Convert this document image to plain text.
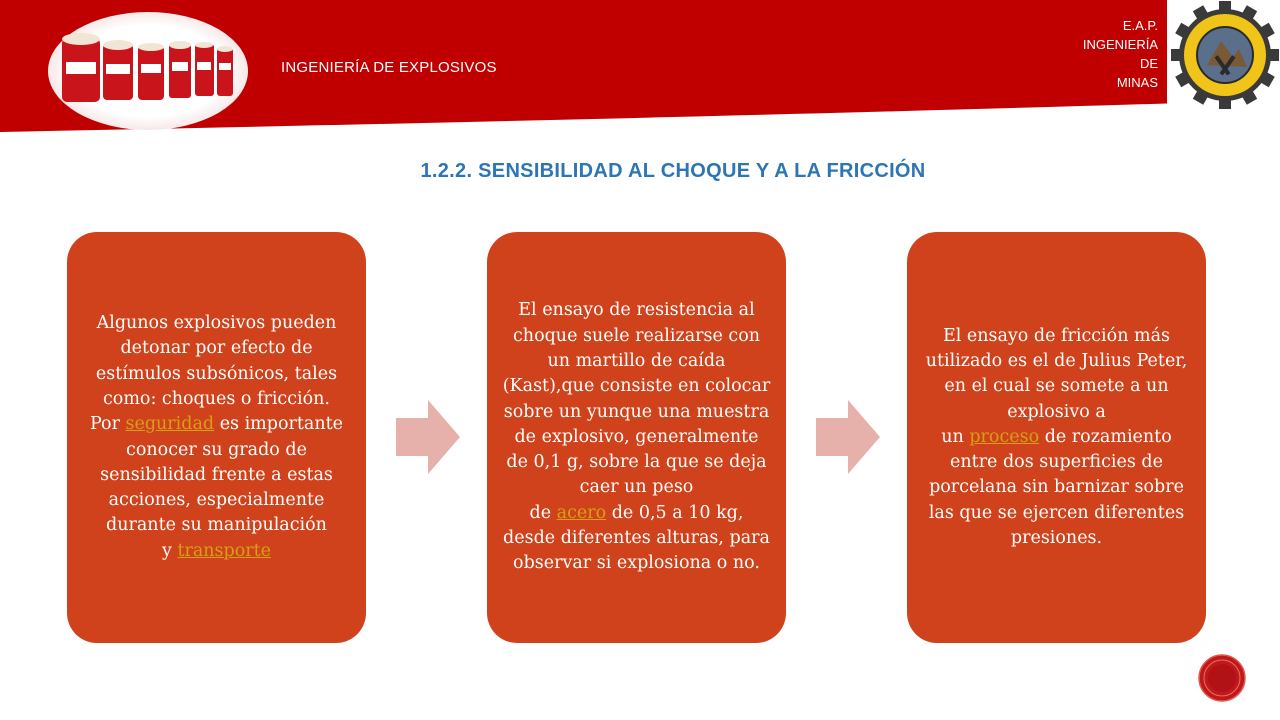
INGENIERÍA DE EXPLOSIVOS
E.A.P.
INGENIERÍA
DE
MINAS
1.2.2. SENSIBILIDAD AL CHOQUE Y A LA FRICCIÓN

Algunos explosivos pueden detonar por efecto de estímulos subsónicos, tales como: choques o fricción.
Por seguridad es importante conocer su grado de sensibilidad frente a estas acciones, especialmente durante su manipulación
y transporte

El ensayo de resistencia al choque suele realizarse con un martillo de caída (Kast),que consiste en colocar sobre un yunque una muestra de explosivo, generalmente de 0,1 g, sobre la que se deja caer un peso
de acero de 0,5 a 10 kg, desde diferentes alturas, para observar si explosiona o no.

El ensayo de fricción más utilizado es el de Julius Peter, en el cual se somete a un explosivo a
un proceso de rozamiento entre dos superficies de porcelana sin barnizar sobre las que se ejercen diferentes presiones.
